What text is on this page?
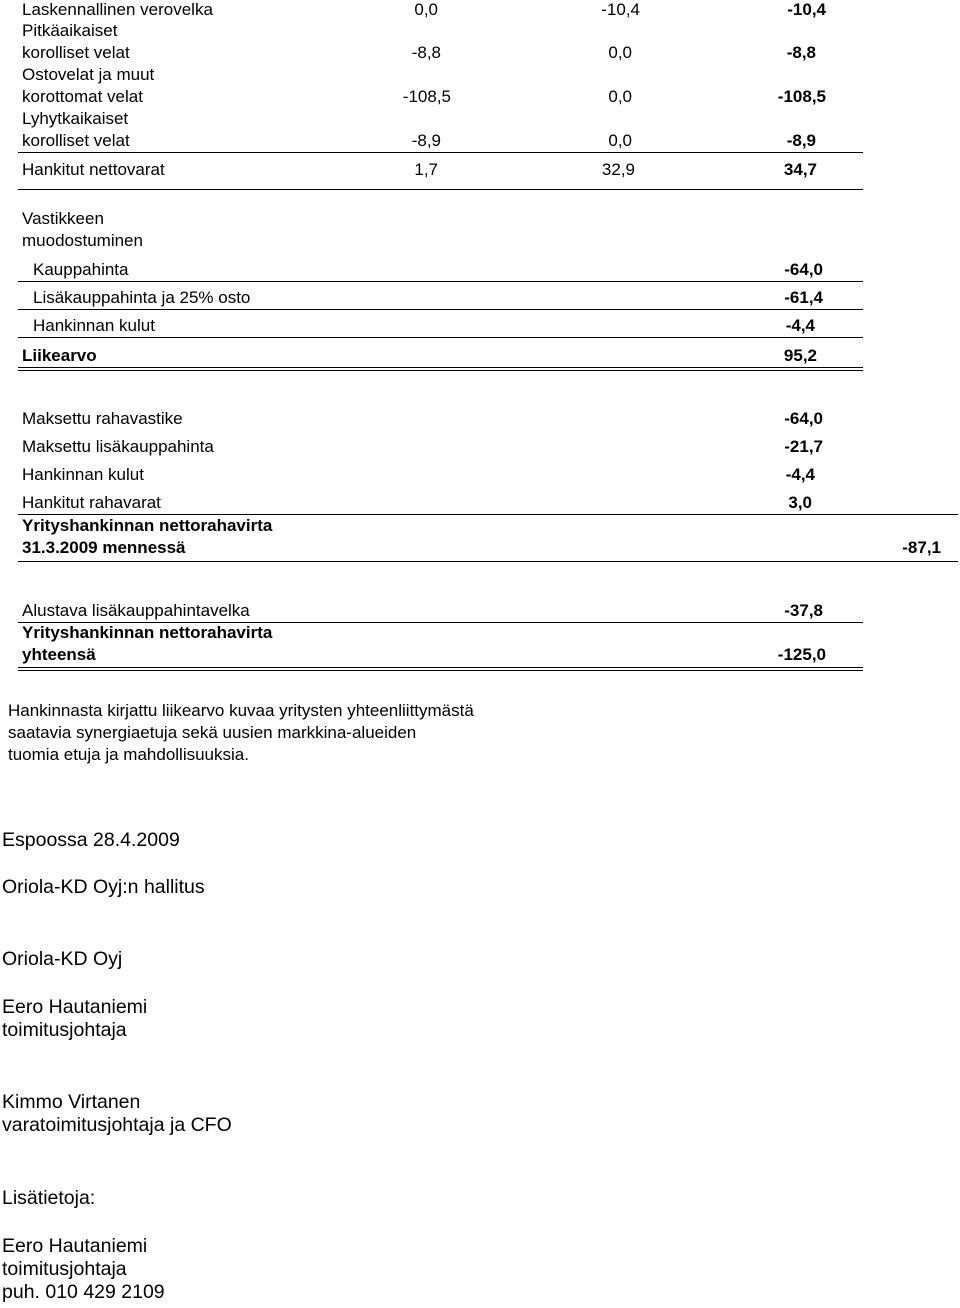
Laskennallinen verovelka	0,0	-10,4	-10,4
Pitkäaikaiset
korolliset velat	-8,8	0,0	-8,8
Ostovelat ja muut
korottomat velat	-108,5	0,0	-108,5
Lyhytkaikaiset
korolliset velat	-8,9	0,0	-8,9
Hankitut nettovarat	1,7	32,9	34,7
Vastikkeen
muodostuminen
Kauppahinta	-64,0
Lisäkauppahinta ja 25% osto	-61,4
Hankinnan kulut	-4,4
Liikearvo	95,2
Maksettu rahavastike	-64,0
Maksettu lisäkauppahinta	-21,7
Hankinnan kulut	-4,4
Hankitut rahavarat	3,0
Yrityshankinnan nettorahavirta
31.3.2009 mennessä	-87,1
Alustava lisäkauppahintavelka	-37,8
Yrityshankinnan nettorahavirta
yhteensä	-125,0
Hankinnasta kirjattu liikearvo kuvaa yritysten yhteenliittymästä
saatavia synergiaetuja sekä uusien markkina-alueiden
tuomia etuja ja mahdollisuuksia.
Espoossa 28.4.2009
Oriola-KD Oyj:n hallitus
Oriola-KD Oyj
Eero Hautaniemi
toimitusjohtaja
Kimmo Virtanen
varatoimitusjohtaja ja CFO
Lisätietoja:
Eero Hautaniemi
toimitusjohtaja
puh. 010 429 2109
